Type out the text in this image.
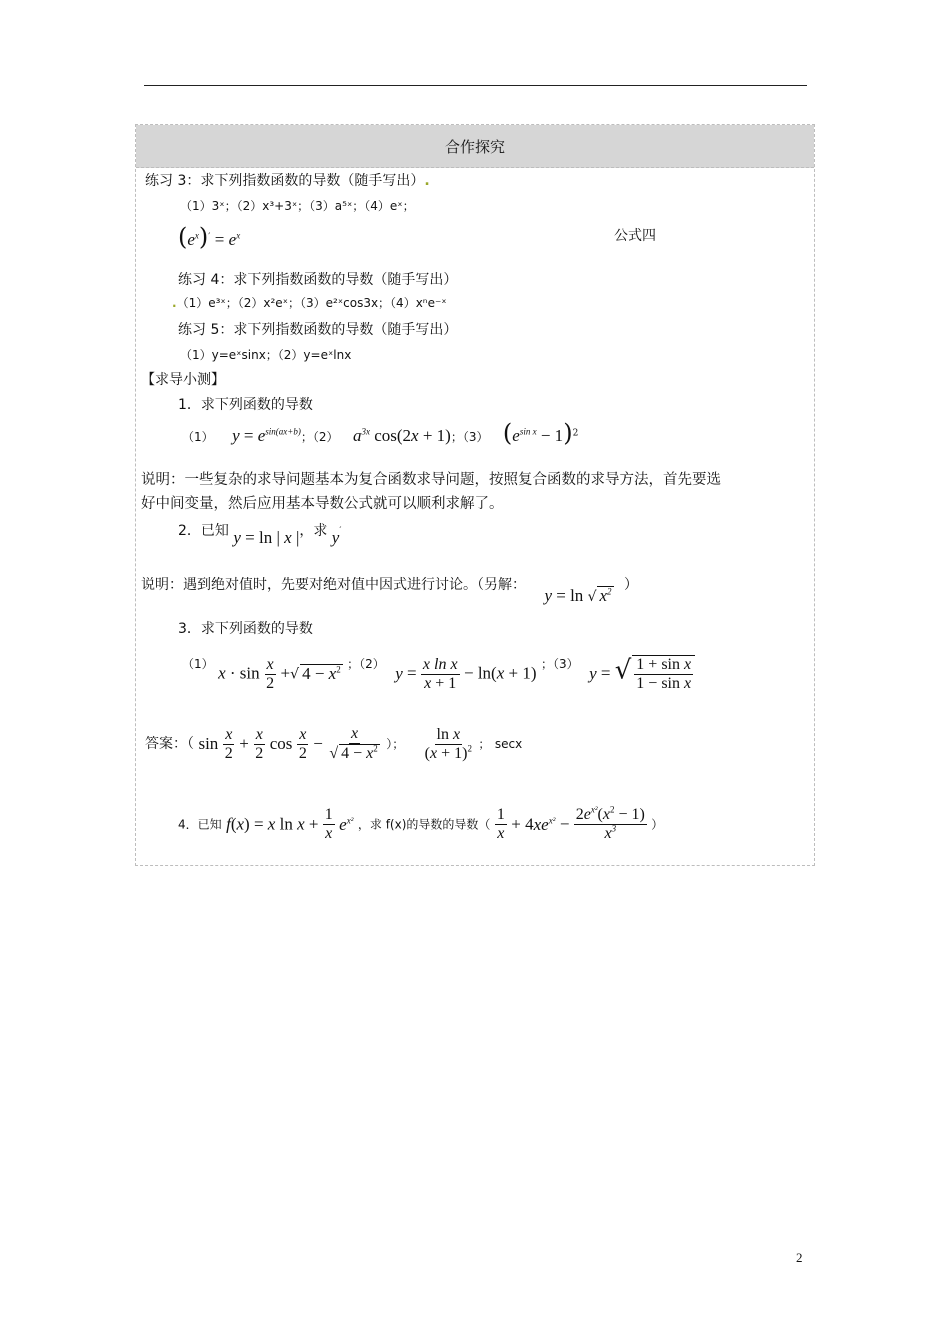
合作探究
练习 3：求下列指数函数的导数（随手写出）.
（1）3ˣ；（2）x³+3ˣ；（3）a⁵ˣ；（4）eˣ；
$(e^x)' = e^x$	公式四
练习 4：求下列指数函数的导数（随手写出）
.（1）e³ˣ；（2）x²eˣ；（3）e²ˣcos3x；（4）xⁿe⁻ˣ
练习 5：求下列指数函数的导数（随手写出）
（1）y=eˣsinx；（2）y=eˣlnx
【求导小测】
1．求下列函数的导数
（1） $y = e^{sin(ax+b)}$；（2） $a^{3x}$ cos(2x + 1)；（3） $(e^{sin x} - 1)^2$
说明：一些复杂的求导问题基本为复合函数求导问题，按照复合函数的求导方法，首先要选
好中间变量，然后应用基本导数公式就可以顺利求解了。
2．已知 y = ln | x |，求 y′
说明：遇到绝对值时，先要对绝对值中因式进行讨论。（另解： y = ln √ $x^2$ ）
3．求下列函数的导数
（1） $x \cdot \sin \frac{x}{2}$ +√ $4 - x^2$ ；（2） $y = \frac{\text{x ln x}}{x + 1} - \ln(x + 1)$ ；（3） y = √ $\frac{\text{1 + sin x}}{\text{1 − sin x}}$
答案：（ $\sin \frac{x}{2} + \frac{x}{2}$ $\cos \frac{x}{2} - \frac{x}{√ 4 - x^2}$ ）； $\frac{\text{ln x}}{(x + 1)^2}$ ； secx
4．已知 f(x) = x $\ln x + \frac{1}{x} e^{x^2}$ ，求 f(x)的导数的导数（ $\frac{1}{x} + 4xe^{x^2} - \frac{2e^{x^2}(x^2 - 1)}{x^3}$ ）
2
